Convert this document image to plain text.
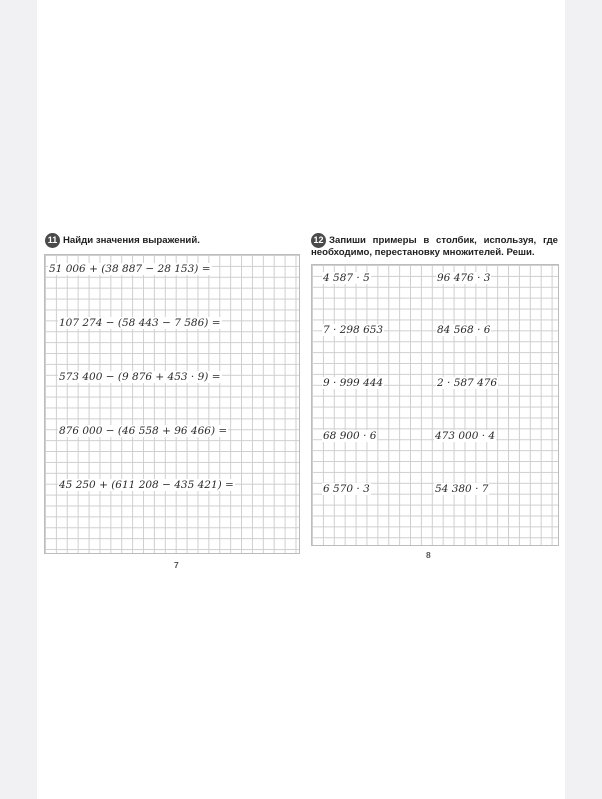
11 Найди значения выражений.
51 006 + (38 887 − 28 153) =
107 274 − (58 443 − 7 586) =
573 400 − (9 876 + 453 · 9) =
876 000 − (46 558 + 96 466) =
45 250 + (611 208 − 435 421) =
7
12 Запиши примеры в столбик, используя, где
необходимо, перестановку множителей. Реши.
4 587 · 5
7 · 298 653
9 · 999 444
68 900 · 6
6 570 · 3
96 476 · 3
84 568 · 6
2 · 587 476
473 000 · 4
54 380 · 7
8
